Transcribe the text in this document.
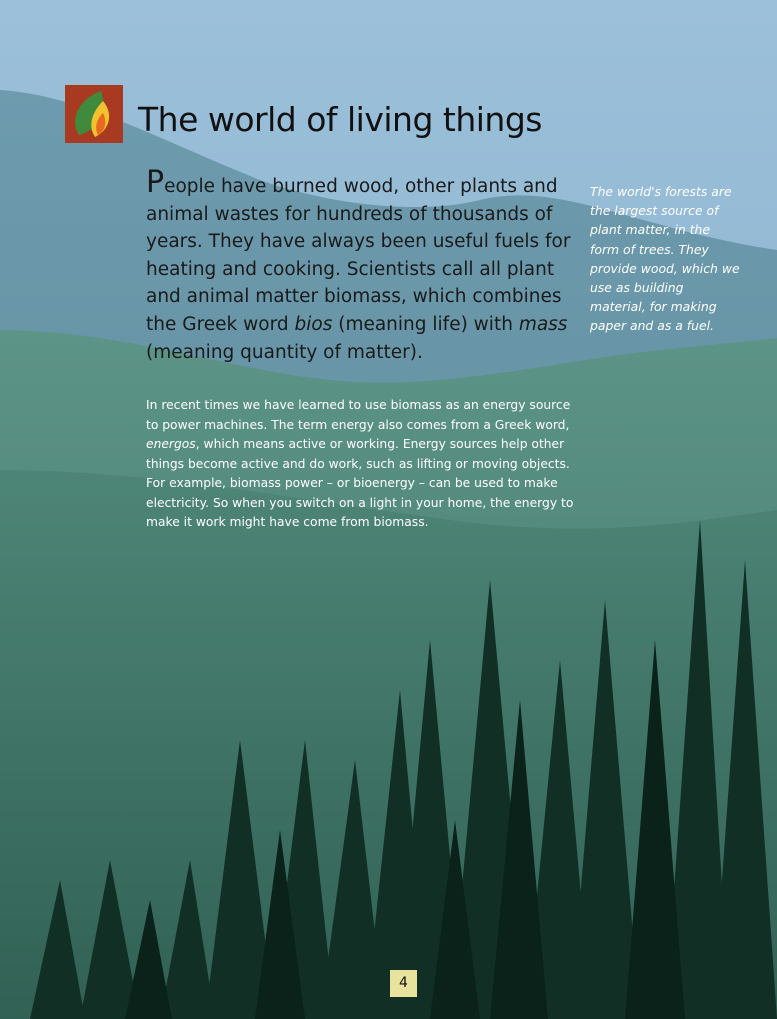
The world of living things

People have burned wood, other plants and animal wastes for hundreds of thousands of years. They have always been useful fuels for heating and cooking. Scientists call all plant and animal matter biomass, which combines the Greek word bios (meaning life) with mass (meaning quantity of matter).

The world's forests are the largest source of plant matter, in the form of trees. They provide wood, which we use as building material, for making paper and as a fuel.

In recent times we have learned to use biomass as an energy source to power machines. The term energy also comes from a Greek word, energos, which means active or working. Energy sources help other things become active and do work, such as lifting or moving objects. For example, biomass power – or bioenergy – can be used to make electricity. So when you switch on a light in your home, the energy to make it work might have come from biomass.

4
